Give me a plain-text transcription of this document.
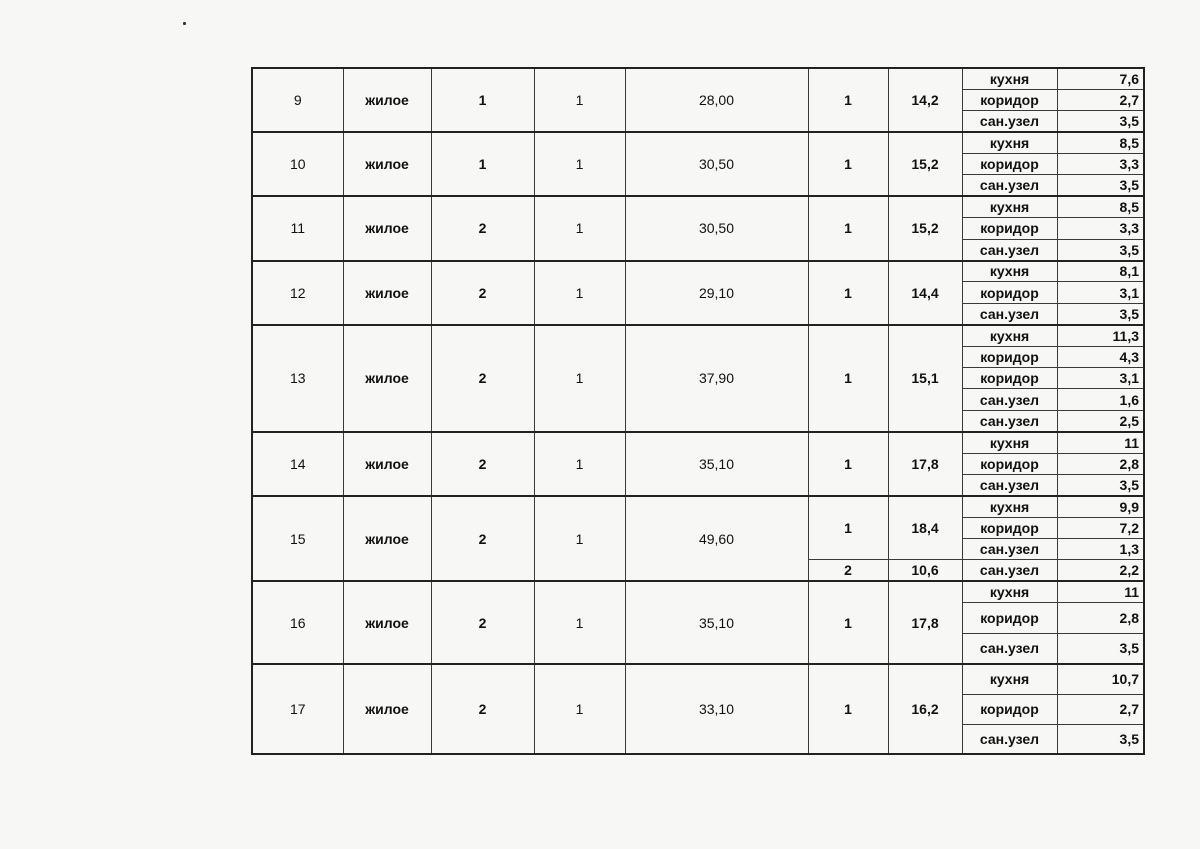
9	жилое	1	1	28,00		1	14,2	кухня	7,6
							коридор	2,7
							сан.узел	3,5
10	жилое	1	1	30,50		1	15,2	кухня	8,5
							коридор	3,3
							сан.узел	3,5
11	жилое	2	1	30,50		1	15,2	кухня	8,5
							коридор	3,3
							сан.узел	3,5
12	жилое	2	1	29,10		1	14,4	кухня	8,1
							коридор	3,1
							сан.узел	3,5
13	жилое	2	1	37,90		1	15,1	кухня	11,3
							коридор	4,3
							коридор	3,1
							сан.узел	1,6
							сан.узел	2,5
14	жилое	2	1	35,10		1	17,8	кухня	11
							коридор	2,8
							сан.узел	3,5
15	жилое	2	1	49,60		1	18,4	кухня	9,9
							коридор	7,2
							сан.узел	1,3
					2	10,6	сан.узел	2,2
16	жилое	2	1	35,10		1	17,8	кухня	11
							коридор	2,8
							сан.узел	3,5
17	жилое	2	1	33,10		1	16,2	кухня	10,7
							коридор	2,7
							сан.узел	3,5
